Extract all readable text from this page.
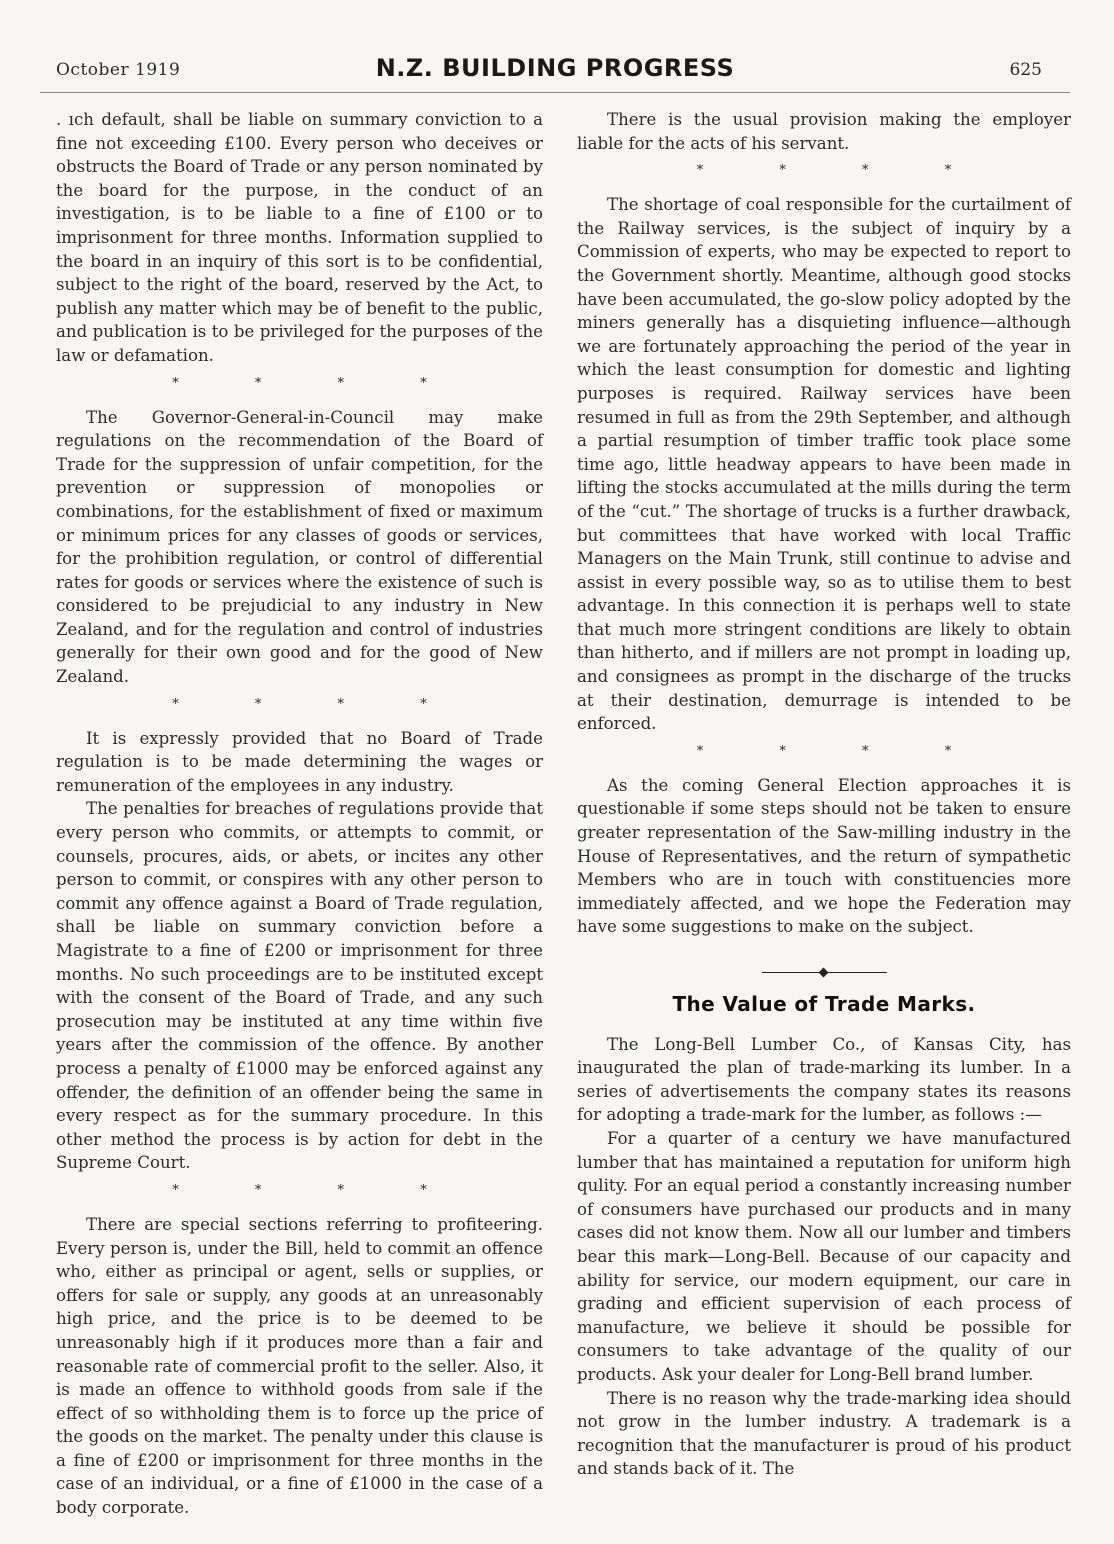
October 1919	N.Z. BUILDING PROGRESS	625

. ıch default, shall be liable on summary conviction to a fine not exceeding £100. Every person who deceives or obstructs the Board of Trade or any person nominated by the board for the purpose, in the conduct of an investigation, is to be liable to a fine of £100 or to imprisonment for three months. Information supplied to the board in an inquiry of this sort is to be confidential, subject to the right of the board, reserved by the Act, to publish any matter which may be of benefit to the public, and publication is to be privileged for the purposes of the law or defamation.

* * * *

The Governor-General-in-Council may make regulations on the recommendation of the Board of Trade for the suppression of unfair competition, for the prevention or suppression of monopolies or combinations, for the establishment of fixed or maximum or minimum prices for any classes of goods or services, for the prohibition regulation, or control of differential rates for goods or services where the existence of such is considered to be prejudicial to any industry in New Zealand, and for the regulation and control of industries generally for their own good and for the good of New Zealand.

* * * *

It is expressly provided that no Board of Trade regulation is to be made determining the wages or remuneration of the employees in any industry.

The penalties for breaches of regulations provide that every person who commits, or attempts to commit, or counsels, procures, aids, or abets, or incites any other person to commit, or conspires with any other person to commit any offence against a Board of Trade regulation, shall be liable on summary conviction before a Magistrate to a fine of £200 or imprisonment for three months. No such proceedings are to be instituted except with the consent of the Board of Trade, and any such prosecution may be instituted at any time within five years after the commission of the offence. By another process a penalty of £1000 may be enforced against any offender, the definition of an offender being the same in every respect as for the summary procedure. In this other method the process is by action for debt in the Supreme Court.

* * * *

There are special sections referring to profiteering. Every person is, under the Bill, held to commit an offence who, either as principal or agent, sells or supplies, or offers for sale or supply, any goods at an unreasonably high price, and the price is to be deemed to be unreasonably high if it produces more than a fair and reasonable rate of commercial profit to the seller. Also, it is made an offence to withhold goods from sale if the effect of so withholding them is to force up the price of the goods on the market. The penalty under this clause is a fine of £200 or imprisonment for three months in the case of an individual, or a fine of £1000 in the case of a body corporate.

There is the usual provision making the employer liable for the acts of his servant.

* * * *

The shortage of coal responsible for the curtailment of the Railway services, is the subject of inquiry by a Commission of experts, who may be expected to report to the Government shortly. Meantime, although good stocks have been accumulated, the go-slow policy adopted by the miners generally has a disquieting influence—although we are fortunately approaching the period of the year in which the least consumption for domestic and lighting purposes is required. Railway services have been resumed in full as from the 29th September, and although a partial resumption of timber traffic took place some time ago, little headway appears to have been made in lifting the stocks accumulated at the mills during the term of the “cut.” The shortage of trucks is a further drawback, but committees that have worked with local Traffic Managers on the Main Trunk, still continue to advise and assist in every possible way, so as to utilise them to best advantage. In this connection it is perhaps well to state that much more stringent conditions are likely to obtain than hitherto, and if millers are not prompt in loading up, and consignees as prompt in the discharge of the trucks at their destination, demurrage is intended to be enforced.

* * * *

As the coming General Election approaches it is questionable if some steps should not be taken to ensure greater representation of the Saw-milling industry in the House of Representatives, and the return of sympathetic Members who are in touch with constituencies more immediately affected, and we hope the Federation may have some suggestions to make on the subject.

The Value of Trade Marks.

The Long-Bell Lumber Co., of Kansas City, has inaugurated the plan of trade-marking its lumber. In a series of advertisements the company states its reasons for adopting a trade-mark for the lumber, as follows :—

For a quarter of a century we have manufactured lumber that has maintained a reputation for uniform high qulity. For an equal period a constantly increasing number of consumers have purchased our products and in many cases did not know them. Now all our lumber and timbers bear this mark—Long-Bell. Because of our capacity and ability for service, our modern equipment, our care in grading and efficient supervision of each process of manufacture, we believe it should be possible for consumers to take advantage of the quality of our products. Ask your dealer for Long-Bell brand lumber.

There is no reason why the trade-marking idea should not grow in the lumber industry. A trademark is a recognition that the manufacturer is proud of his product and stands back of it. The
